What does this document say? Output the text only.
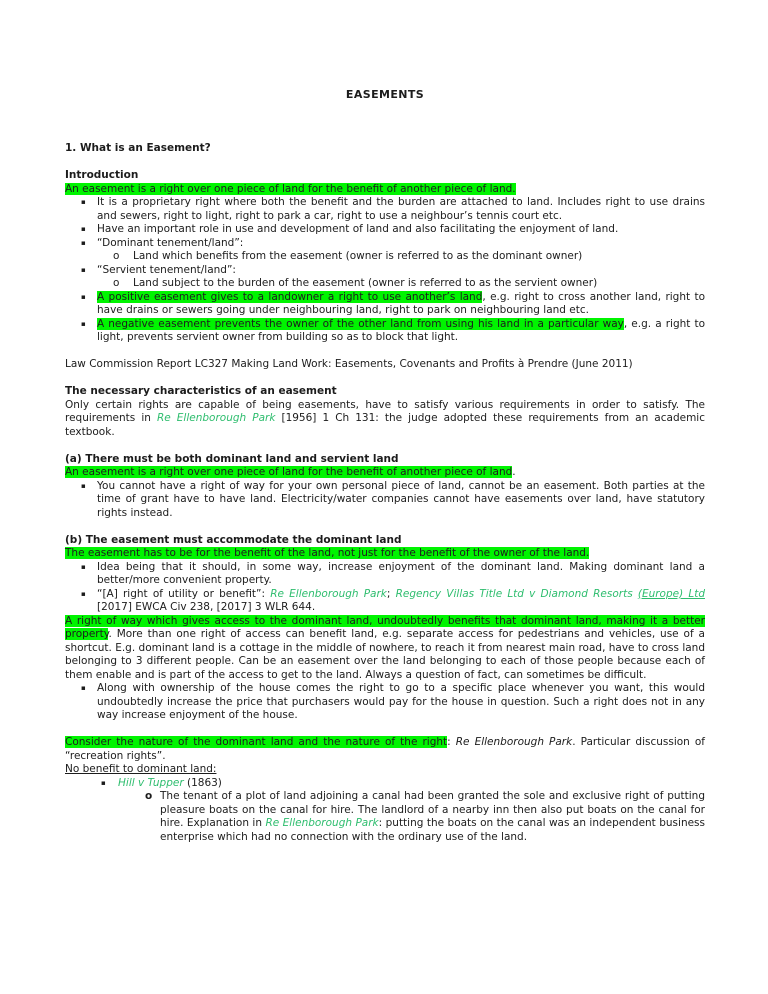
EASEMENTS
1. What is an Easement?
Introduction
An easement is a right over one piece of land for the benefit of another piece of land.
▪	It is a proprietary right where both the benefit and the burden are attached to land. Includes right to use drains and sewers, right to light, right to park a car, right to use a neighbour’s tennis court etc.
▪	Have an important role in use and development of land and also facilitating the enjoyment of land.
▪	“Dominant tenement/land”:
o	Land which benefits from the easement (owner is referred to as the dominant owner)
▪	“Servient tenement/land”:
o	Land subject to the burden of the easement (owner is referred to as the servient owner)
▪	A positive easement gives to a landowner a right to use another’s land, e.g. right to cross another land, right to have drains or sewers going under neighbouring land, right to park on neighbouring land etc.
▪	A negative easement prevents the owner of the other land from using his land in a particular way, e.g. a right to light, prevents servient owner from building so as to block that light.
Law Commission Report LC327 Making Land Work: Easements, Covenants and Profits à Prendre (June 2011)
The necessary characteristics of an easement
Only certain rights are capable of being easements, have to satisfy various requirements in order to satisfy. The requirements in Re Ellenborough Park [1956] 1 Ch 131: the judge adopted these requirements from an academic textbook.
(a) There must be both dominant land and servient land
An easement is a right over one piece of land for the benefit of another piece of land.
▪	You cannot have a right of way for your own personal piece of land, cannot be an easement. Both parties at the time of grant have to have land. Electricity/water companies cannot have easements over land, have statutory rights instead.
(b) The easement must accommodate the dominant land
The easement has to be for the benefit of the land, not just for the benefit of the owner of the land.
▪	Idea being that it should, in some way, increase enjoyment of the dominant land. Making dominant land a better/more convenient property.
▪	“[A] right of utility or benefit”: Re Ellenborough Park; Regency Villas Title Ltd v Diamond Resorts (Europe) Ltd [2017] EWCA Civ 238, [2017] 3 WLR 644.
A right of way which gives access to the dominant land, undoubtedly benefits that dominant land, making it a better property. More than one right of access can benefit land, e.g. separate access for pedestrians and vehicles, use of a shortcut. E.g. dominant land is a cottage in the middle of nowhere, to reach it from nearest main road, have to cross land belonging to 3 different people. Can be an easement over the land belonging to each of those people because each of them enable and is part of the access to get to the land. Always a question of fact, can sometimes be difficult.
▪	Along with ownership of the house comes the right to go to a specific place whenever you want, this would undoubtedly increase the price that purchasers would pay for the house in question. Such a right does not in any way increase enjoyment of the house.
Consider the nature of the dominant land and the nature of the right: Re Ellenborough Park. Particular discussion of “recreation rights”.
No benefit to dominant land:
▪	Hill v Tupper (1863)
o The tenant of a plot of land adjoining a canal had been granted the sole and exclusive right of putting pleasure boats on the canal for hire. The landlord of a nearby inn then also put boats on the canal for hire. Explanation in Re Ellenborough Park: putting the boats on the canal was an independent business enterprise which had no connection with the ordinary use of the land.
